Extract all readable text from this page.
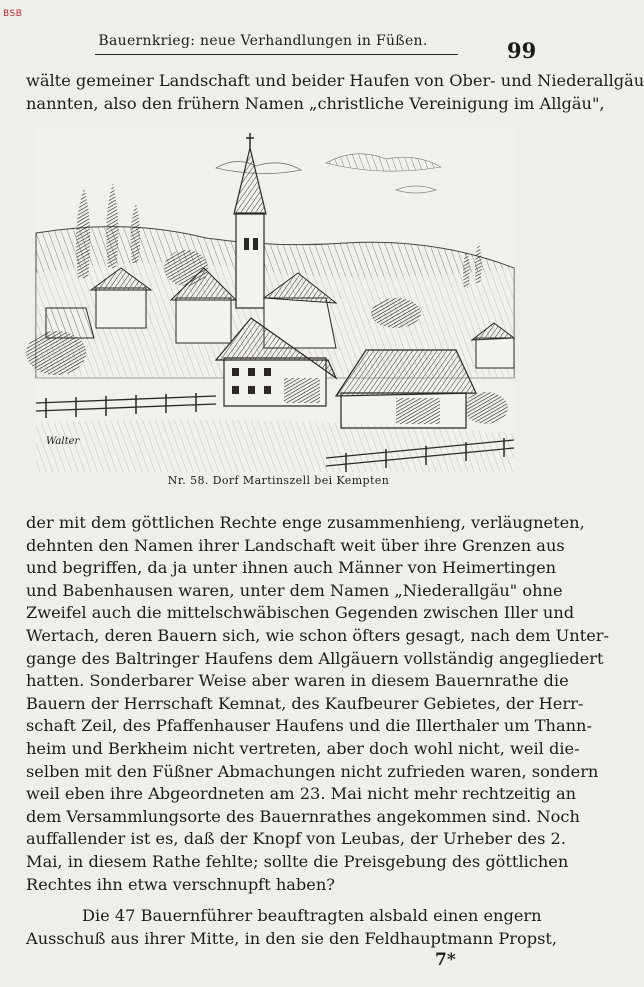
BSB
Bauernkrieg: neue Verhandlungen in Füßen.	99
wälte gemeiner Landschaft und beider Haufen von Ober- und Niederallgäu
nannten, also den frühern Namen „christliche Vereinigung im Allgäu",
Walter
Nr. 58. Dorf Martinszell bei Kempten
der mit dem göttlichen Rechte enge zusammenhieng, verläugneten,
dehnten den Namen ihrer Landschaft weit über ihre Grenzen aus
und begriffen, da ja unter ihnen auch Männer von Heimertingen
und Babenhausen waren, unter dem Namen „Niederallgäu" ohne
Zweifel auch die mittelschwäbischen Gegenden zwischen Iller und
Wertach, deren Bauern sich, wie schon öfters gesagt, nach dem Unter-
gange des Baltringer Haufens dem Allgäuern vollständig angegliedert
hatten. Sonderbarer Weise aber waren in diesem Bauernrathe die
Bauern der Herrschaft Kemnat, des Kaufbeurer Gebietes, der Herr-
schaft Zeil, des Pfaffenhauser Haufens und die Illerthaler um Thann-
heim und Berkheim nicht vertreten, aber doch wohl nicht, weil die-
selben mit den Füßner Abmachungen nicht zufrieden waren, sondern
weil eben ihre Abgeordneten am 23. Mai nicht mehr rechtzeitig an
dem Versammlungsorte des Bauernrathes angekommen sind. Noch
auffallender ist es, daß der Knopf von Leubas, der Urheber des 2.
Mai, in diesem Rathe fehlte; sollte die Preisgebung des göttlichen
Rechtes ihn etwa verschnupft haben?
Die 47 Bauernführer beauftragten alsbald einen engern
Ausschuß aus ihrer Mitte, in den sie den Feldhauptmann Propst,
7*
